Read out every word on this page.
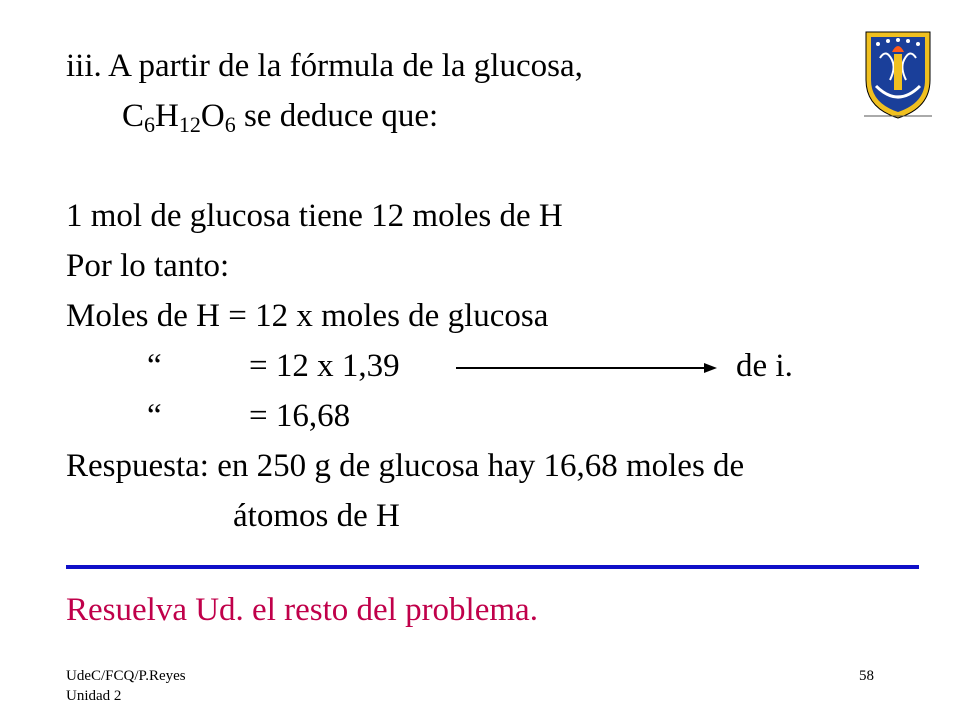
iii. A partir de la fórmula de la glucosa,
$C_6H_{12}O_6$ se deduce que:
1 mol de glucosa tiene 12 moles de H
Por lo tanto:
Moles de H = 12 x moles de glucosa
“	= 12 x 1,39	de i.
“	= 16,68
Respuesta: en 250 g de glucosa hay 16,68 moles de
átomos de H
Resuelva Ud. el resto del problema.
UdeC/FCQ/P.Reyes
Unidad 2
58
